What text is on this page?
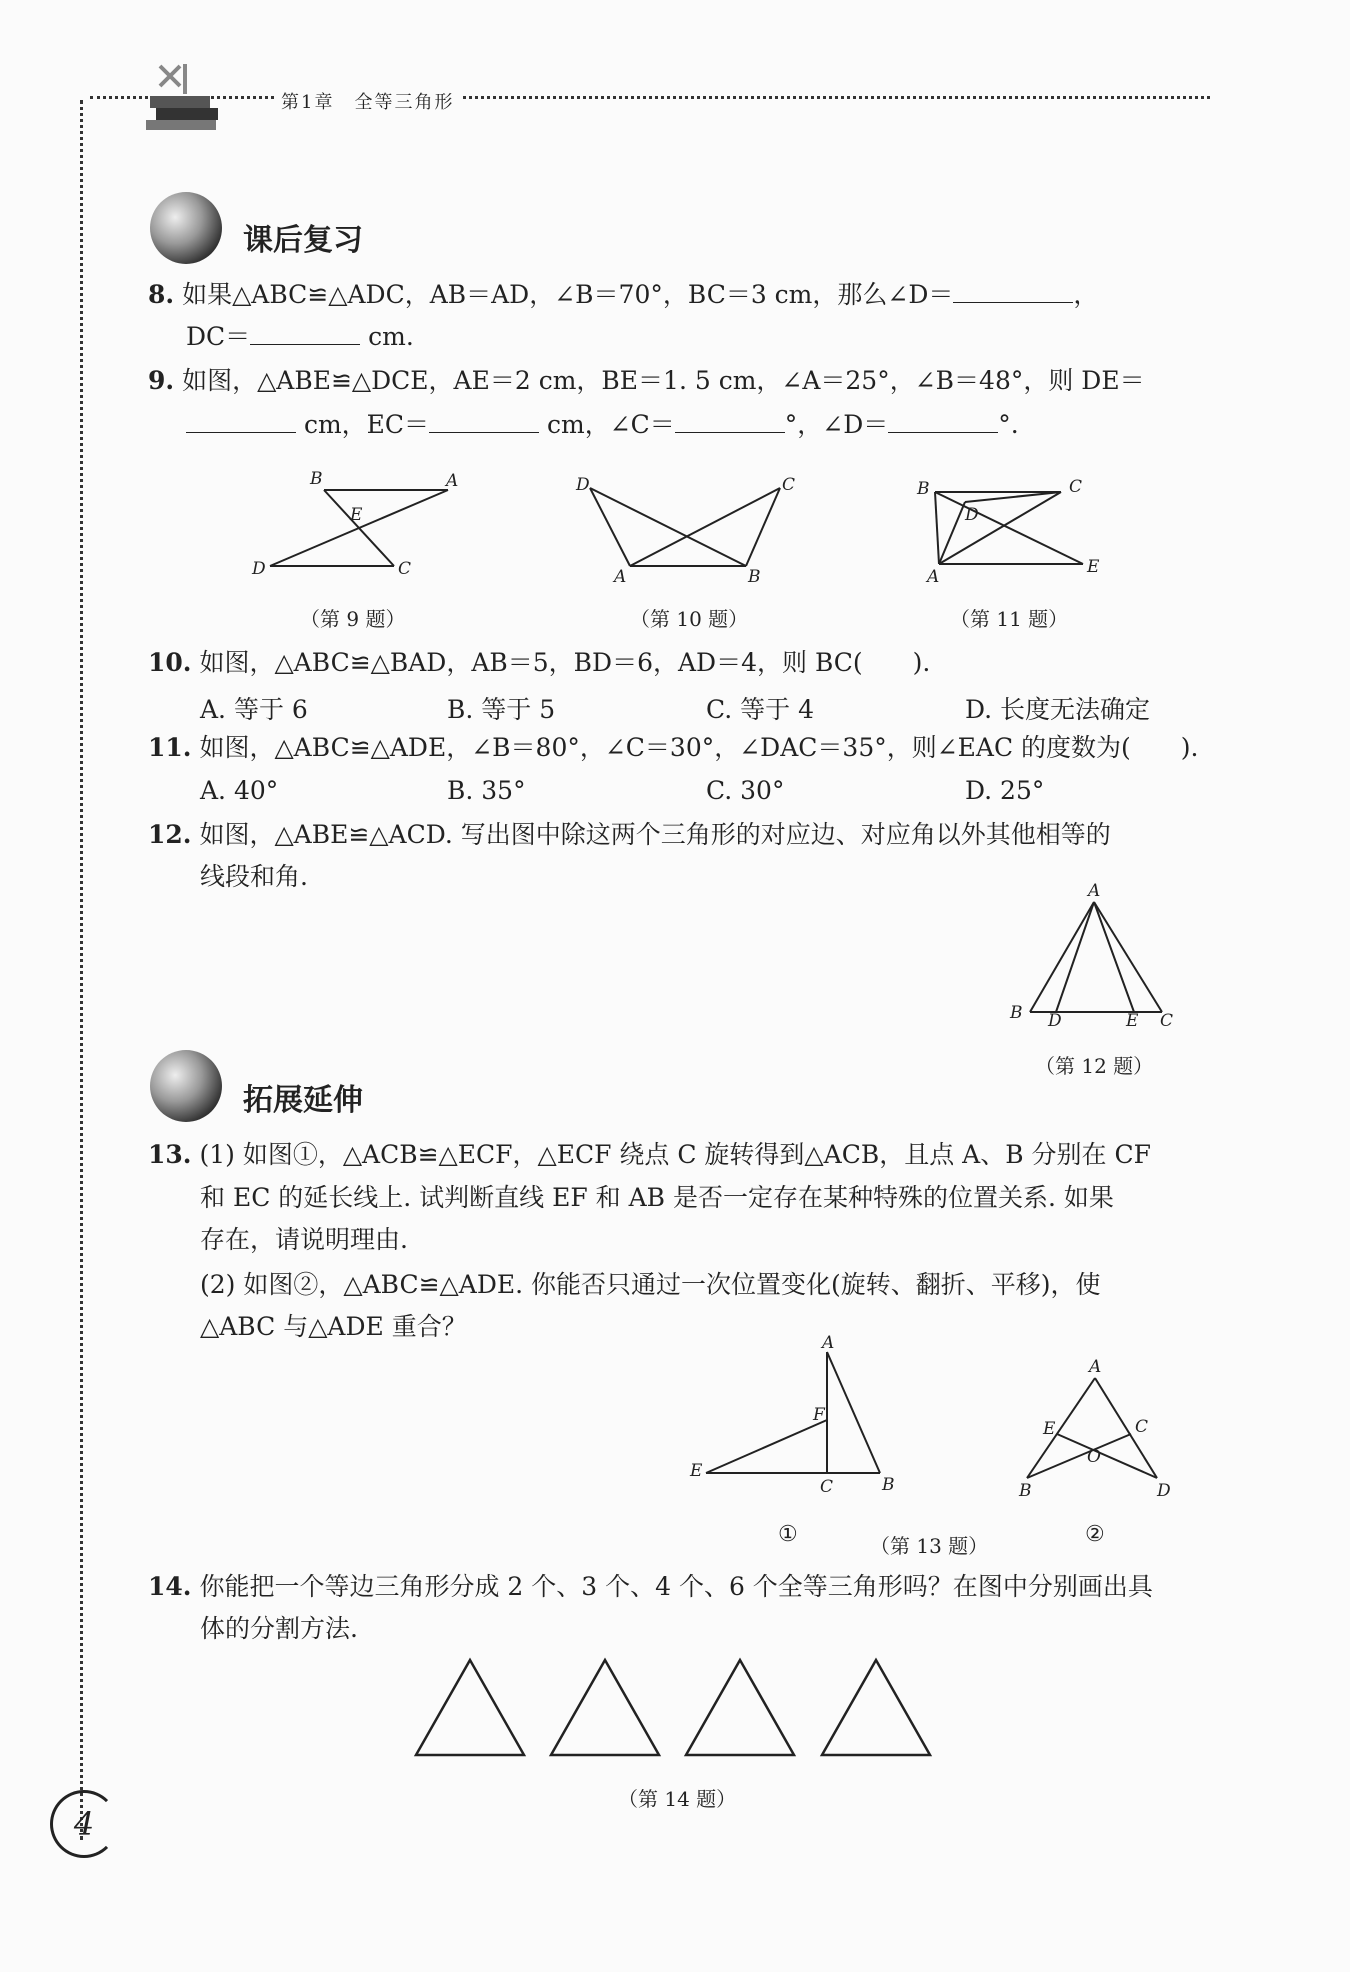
第1章　全等三角形
课后复习
8. 如果△ABC≌△ADC，AB＝AD，∠B＝70°，BC＝3 cm，那么∠D＝	，
DC＝	cm.
9. 如图，△ABE≌△DCE，AE＝2 cm，BE＝1. 5 cm，∠A＝25°，∠B＝48°，则 DE＝
cm，EC＝	cm，∠C＝	°，∠D＝	°.
B	A
E
D	C
D	C
A	B
B	C
D
A	E
（第 9 题）	（第 10 题）	（第 11 题）
10. 如图，△ABC≌△BAD，AB＝5，BD＝6，AD＝4，则 BC(　　).
A. 等于 6	B. 等于 5	C. 等于 4	D. 长度无法确定
11. 如图，△ABC≌△ADE，∠B＝80°，∠C＝30°，∠DAC＝35°，则∠EAC 的度数为(　　).
A. 40°	B. 35°	C. 30°	D. 25°
12. 如图，△ABE≌△ACD. 写出图中除这两个三角形的对应边、对应角以外其他相等的
线段和角.	A
B D	E C
（第 12 题）
拓展延伸
13. (1) 如图①，△ACB≌△ECF，△ECF 绕点 C 旋转得到△ACB，且点 A、B 分别在 CF
和 EC 的延长线上. 试判断直线 EF 和 AB 是否一定存在某种特殊的位置关系. 如果
存在，请说明理由.
(2) 如图②，△ABC≌△ADE. 你能否只通过一次位置变化(旋转、翻折、平移)，使
△ABC 与△ADE 重合？
A
F
E
C	B
A
E	C
O
B	D
①	（第 13 题）	②
14. 你能把一个等边三角形分成 2 个、3 个、4 个、6 个全等三角形吗？在图中分别画出具
体的分割方法.
（第 14 题）
4
